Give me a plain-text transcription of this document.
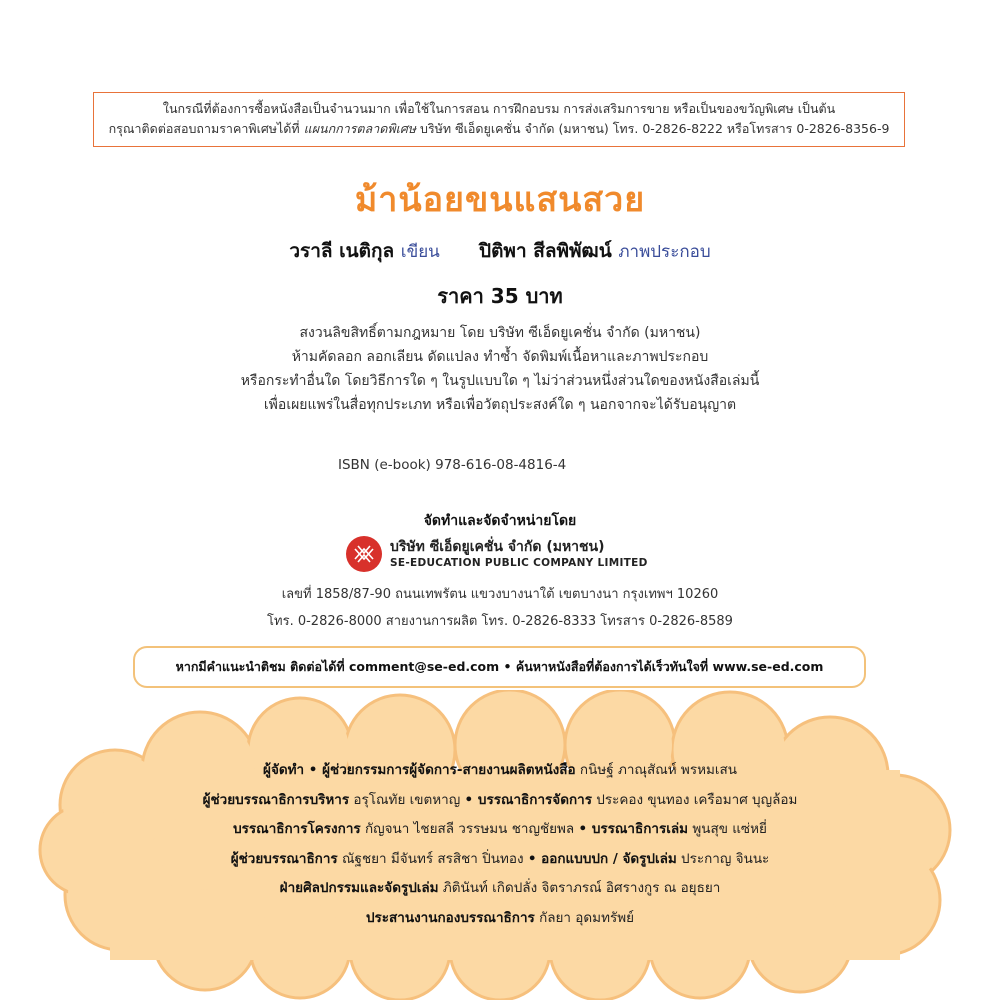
ในกรณีที่ต้องการซื้อหนังสือเป็นจำนวนมาก เพื่อใช้ในการสอน การฝึกอบรม การส่งเสริมการขาย หรือเป็นของขวัญพิเศษ เป็นต้น
กรุณาติดต่อสอบถามราคาพิเศษได้ที่ แผนกการตลาดพิเศษ บริษัท ซีเอ็ดยูเคชั่น จำกัด (มหาชน) โทร. 0-2826-8222 หรือโทรสาร 0-2826-8356-9
ม้าน้อยขนแสนสวย
วราลี เนติกุล เขียน ปิติพา สีลพิพัฒน์ ภาพประกอบ
ราคา 35 บาท
สงวนลิขสิทธิ์ตามกฎหมาย โดย บริษัท ซีเอ็ดยูเคชั่น จำกัด (มหาชน)
ห้ามคัดลอก ลอกเลียน ดัดแปลง ทำซ้ำ จัดพิมพ์เนื้อหาและภาพประกอบ
หรือกระทำอื่นใด โดยวิธีการใด ๆ ในรูปแบบใด ๆ ไม่ว่าส่วนหนึ่งส่วนใดของหนังสือเล่มนี้
เพื่อเผยแพร่ในสื่อทุกประเภท หรือเพื่อวัตถุประสงค์ใด ๆ นอกจากจะได้รับอนุญาต
ISBN (e-book) 978-616-08-4816-4
จัดทำและจัดจำหน่ายโดย
บริษัท ซีเอ็ดยูเคชั่น จำกัด (มหาชน)
SE-EDUCATION PUBLIC COMPANY LIMITED
เลขที่ 1858/87-90 ถนนเทพรัตน แขวงบางนาใต้ เขตบางนา กรุงเทพฯ 10260
โทร. 0-2826-8000 สายงานการผลิต โทร. 0-2826-8333 โทรสาร 0-2826-8589
หากมีคำแนะนำติชม ติดต่อได้ที่ comment@se-ed.com • ค้นหาหนังสือที่ต้องการได้เร็วทันใจที่ www.se-ed.com
ผู้จัดทำ • ผู้ช่วยกรรมการผู้จัดการ-สายงานผลิตหนังสือ กนิษฐ์ ภาณุสัณห์ พรหมเสน
ผู้ช่วยบรรณาธิการบริหาร อรุโณทัย เขตหาญ • บรรณาธิการจัดการ ประคอง ขุนทอง เครือมาศ บุญล้อม
บรรณาธิการโครงการ กัญจนา ไชยสลี วรรษมน ชาญชัยพล • บรรณาธิการเล่ม พูนสุข แซ่หยี่
ผู้ช่วยบรรณาธิการ ณัฐชยา มีจันทร์ สรสิชา ปิ่นทอง • ออกแบบปก / จัดรูปเล่ม ประกาญ จินนะ
ฝ่ายศิลปกรรมและจัดรูปเล่ม ภิตินันท์ เกิดปลั่ง จิตราภรณ์ อิศรางกูร ณ อยุธยา
ประสานงานกองบรรณาธิการ กัลยา อุดมทรัพย์
